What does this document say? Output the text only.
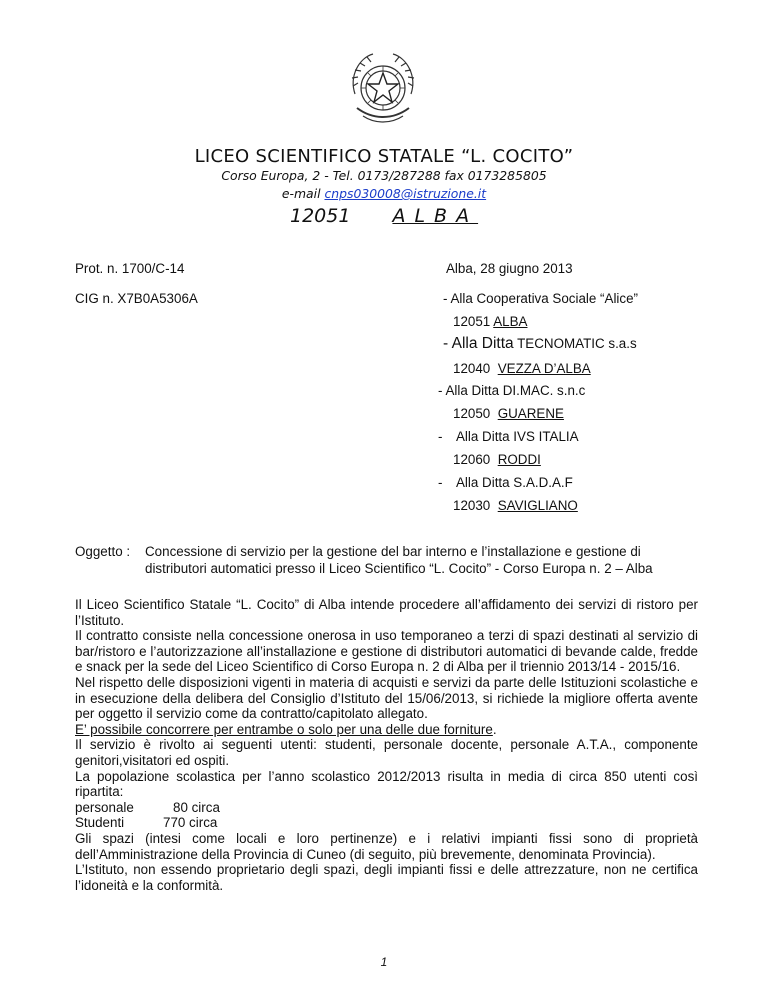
LICEO SCIENTIFICO STATALE “L. COCITO”
Corso Europa, 2 - Tel. 0173/287288 fax 0173285805
e-mail cnps030008@istruzione.it
12051 ALBA
Prot. n. 1700/C-14
CIG n. X7B0A5306A
Alba, 28 giugno 2013
- Alla Cooperativa Sociale “Alice”
12051 ALBA
- Alla Ditta TECNOMATIC s.a.s
12040 VEZZA D’ALBA
- Alla Ditta DI.MAC. s.n.c
12050 GUARENE
- Alla Ditta IVS ITALIA
12060 RODDI
- Alla Ditta S.A.D.A.F
12030 SAVIGLIANO
Oggetto : Concessione di servizio per la gestione del bar interno e l’installazione e gestione di distributori automatici presso il Liceo Scientifico “L. Cocito” - Corso Europa n. 2 – Alba

Il Liceo Scientifico Statale “L. Cocito” di Alba intende procedere all’affidamento dei servizi di ristoro per l’Istituto.

Il contratto consiste nella concessione onerosa in uso temporaneo a terzi di spazi destinati al servizio di bar/ristoro e l’autorizzazione all’installazione e gestione di distributori automatici di bevande calde, fredde e snack per la sede del Liceo Scientifico di Corso Europa n. 2 di Alba per il triennio 2013/14 - 2015/16.

Nel rispetto delle disposizioni vigenti in materia di acquisti e servizi da parte delle Istituzioni scolastiche e in esecuzione della delibera del Consiglio d’Istituto del 15/06/2013, si richiede la migliore offerta avente per oggetto il servizio come da contratto/capitolato allegato.

E’ possibile concorrere per entrambe o solo per una delle due forniture.

Il servizio è rivolto ai seguenti utenti: studenti, personale docente, personale A.T.A., componente genitori,visitatori ed ospiti.

La popolazione scolastica per l’anno scolastico 2012/2013 risulta in media di circa 850 utenti così ripartita:

personale	80 circa

Studenti	770 circa

Gli spazi (intesi come locali e loro pertinenze) e i relativi impianti fissi sono di proprietà dell’Amministrazione della Provincia di Cuneo (di seguito, più brevemente, denominata Provincia).

L’Istituto, non essendo proprietario degli spazi, degli impianti fissi e delle attrezzature, non ne certifica l’idoneità e la conformità.

1
